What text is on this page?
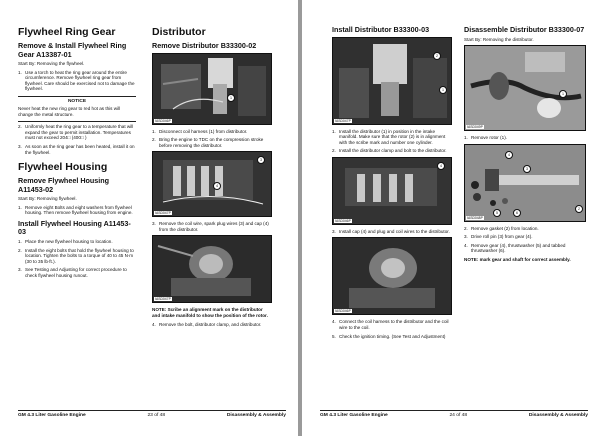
Flywheel Ring Gear
Remove & Install Flywheel Ring Gear A13387-01
Start By: Removing the flywheel.
1. Use a torch to heat the ring gear around the entire circumference. Remove flywheel ring gear from flywheel. Care should be exercised not to damage the flywheel.
NOTICE
Never heat the new ring gear to red hot as this will change the metal structure.
2. Uniformly heat the ring gear to a temperature that will expand the gear to permit installation. Temperatures must not exceed 204□ (400□ )
3. As soon as the ring gear has been heated, install it on the flywheel.
Flywheel Housing
Remove Flywheel Housing A11453-02
Start By: Removing flywheel.
1. Remove eight Bolts and eight washers from flywheel housing. Then remove flywheel housing from engine.
Install Flywheel Housing A11453-03
1. Place the new flywheel housing to location.
2. Install the eight bolts that hold the flywheel housing to location. Tighten the bolts to a torque of 40 to 45 N∙m (30 to 35 lb∙ft.).
3. See Testing and Adjusting for correct procedure to check flywheel housing runout.
Distributor
Remove Distributor B33300-02
1
IASD046P
1. Disconnect coil harness (1) from distributor.
2. Bring the engine to TDC on the compression stroke before removing the distributor.
3
4
IASD047P
3. Remove the coil wire, spark plug wires (3) and cap (4) from the distributor.
IASD047P
NOTE: Scribe an alignment mark on the distributor and intake manifold to show the position of the rotor.
4. Remove the bolt, distributor clamp, and distributor.
GM 4.3 Liter Gasoline Engine	23 of 48	Disassembly & Assembly
Install Distributor B33300-03
2
1
IASD047P
1. Install the distributor (1) in position in the intake manifold. Make sure that the rotor (2) is in alignment with the scribe mark and number one cylinder.
2. Install the distributor clamp and bolt to the distributor.
4
IASD046P
3. Install cap (4) and plug and coil wires to the distributor.
IASD046P
4. Connect the coil harness to the distributor and the coil wire to the coil.
5. Check the ignition timing. (See Test and Adjustment)
Disassemble Distributor B33300-07
Start By: Removing the distributor.
1
IASD049P
1. Remove rotor (1).
4
3
2
5	6
IASD048P
2. Remove gasket (2) from location.
3. Drive roll pin (3) from gear (4).
4. Remove gear (4), thrustwasher (5) and tabbed thrustwasher (6).
NOTE: mark gear and shaft for correct assembly.
GM 4.3 Liter Gasoline Engine	24 of 48	Disassembly & Assembly
